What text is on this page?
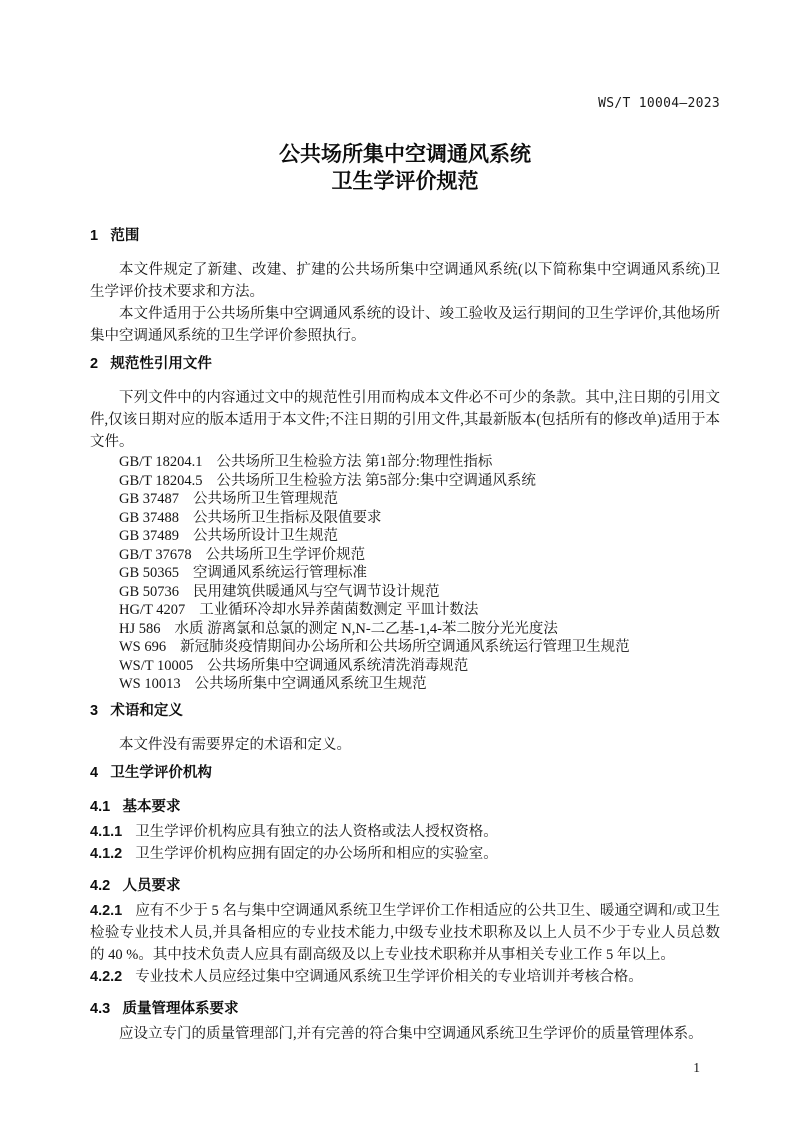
WS/T 10004—2023
公共场所集中空调通风系统
卫生学评价规范
1 范围

本文件规定了新建、改建、扩建的公共场所集中空调通风系统(以下简称集中空调通风系统)卫生学评价技术要求和方法。

本文件适用于公共场所集中空调通风系统的设计、竣工验收及运行期间的卫生学评价,其他场所集中空调通风系统的卫生学评价参照执行。

2 规范性引用文件

下列文件中的内容通过文中的规范性引用而构成本文件必不可少的条款。其中,注日期的引用文件,仅该日期对应的版本适用于本文件;不注日期的引用文件,其最新版本(包括所有的修改单)适用于本文件。

GB/T 18204.1 公共场所卫生检验方法 第1部分:物理性指标
GB/T 18204.5 公共场所卫生检验方法 第5部分:集中空调通风系统
GB 37487 公共场所卫生管理规范
GB 37488 公共场所卫生指标及限值要求
GB 37489 公共场所设计卫生规范
GB/T 37678 公共场所卫生学评价规范
GB 50365 空调通风系统运行管理标准
GB 50736 民用建筑供暖通风与空气调节设计规范
HG/T 4207 工业循环冷却水异养菌菌数测定 平皿计数法
HJ 586 水质 游离氯和总氯的测定 N,N-二乙基-1,4-苯二胺分光光度法
WS 696 新冠肺炎疫情期间办公场所和公共场所空调通风系统运行管理卫生规范
WS/T 10005 公共场所集中空调通风系统清洗消毒规范
WS 10013 公共场所集中空调通风系统卫生规范
3 术语和定义

本文件没有需要界定的术语和定义。

4 卫生学评价机构
4.1 基本要求

4.1.1 卫生学评价机构应具有独立的法人资格或法人授权资格。

4.1.2 卫生学评价机构应拥有固定的办公场所和相应的实验室。

4.2 人员要求

4.2.1 应有不少于 5 名与集中空调通风系统卫生学评价工作相适应的公共卫生、暖通空调和/或卫生检验专业技术人员,并具备相应的专业技术能力,中级专业技术职称及以上人员不少于专业人员总数的 40 %。其中技术负责人应具有副高级及以上专业技术职称并从事相关专业工作 5 年以上。

4.2.2 专业技术人员应经过集中空调通风系统卫生学评价相关的专业培训并考核合格。

4.3 质量管理体系要求

应设立专门的质量管理部门,并有完善的符合集中空调通风系统卫生学评价的质量管理体系。

1
